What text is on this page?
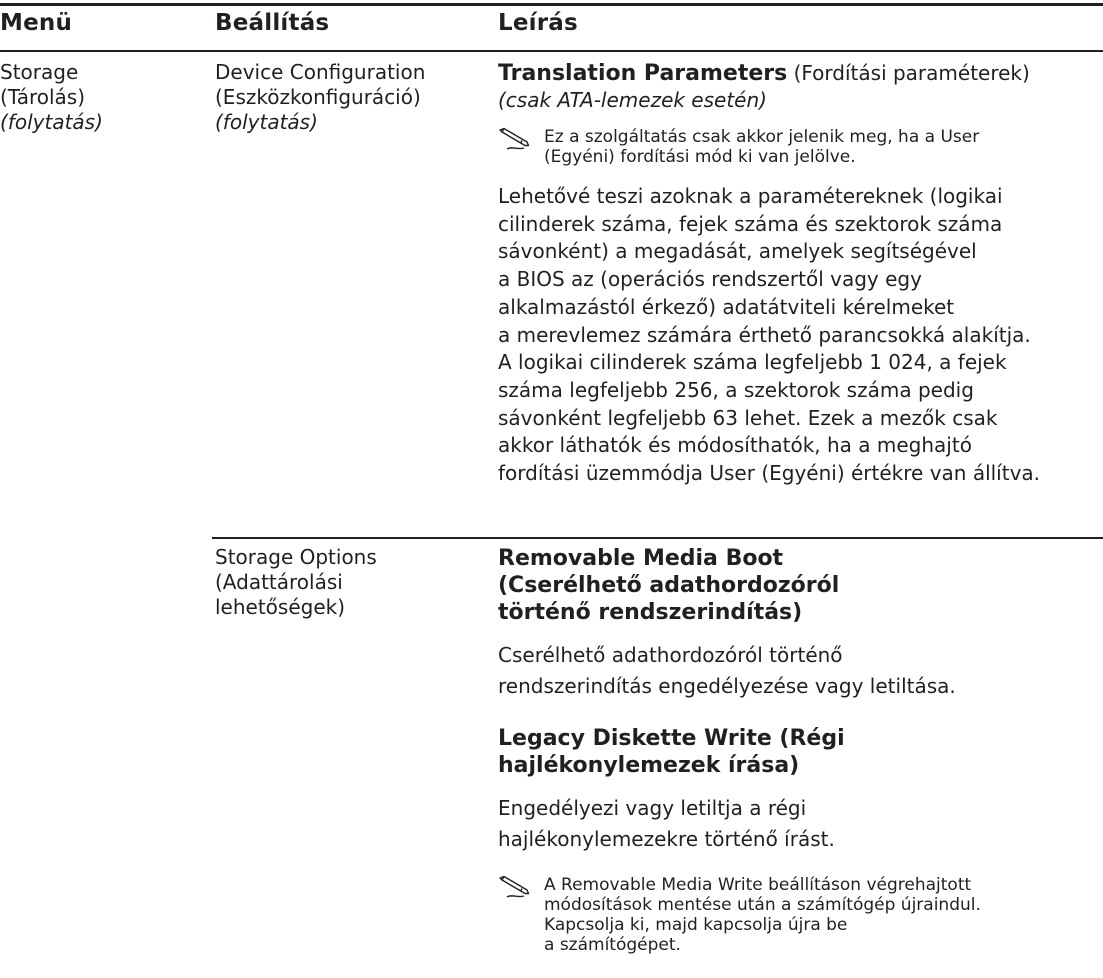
Menü	Beállítás	Leírás
Storage
(Tárolás)
(folytatás)
Device Configuration
(Eszközkonfiguráció)
(folytatás)
Translation Parameters (Fordítási paraméterek)
(csak ATA-lemezek esetén)
Ez a szolgáltatás csak akkor jelenik meg, ha a User
(Egyéni) fordítási mód ki van jelölve.
Lehetővé teszi azoknak a paramétereknek (logikai
cilinderek száma, fejek száma és szektorok száma
sávonként) a megadását, amelyek segítségével
a BIOS az (operációs rendszertől vagy egy
alkalmazástól érkező) adatátviteli kérelmeket
a merevlemez számára érthető parancsokká alakítja.
A logikai cilinderek száma legfeljebb 1 024, a fejek
száma legfeljebb 256, a szektorok száma pedig
sávonként legfeljebb 63 lehet. Ezek a mezők csak
akkor láthatók és módosíthatók, ha a meghajtó
fordítási üzemmódja User (Egyéni) értékre van állítva.
Storage Options
(Adattárolási
lehetőségek)
Removable Media Boot
(Cserélhető adathordozóról
történő rendszerindítás)
Cserélhető adathordozóról történő
rendszerindítás engedélyezése vagy letiltása.
Legacy Diskette Write (Régi
hajlékonylemezek írása)
Engedélyezi vagy letiltja a régi
hajlékonylemezekre történő írást.
A Removable Media Write beállításon végrehajtott
módosítások mentése után a számítógép újraindul.
Kapcsolja ki, majd kapcsolja újra be
a számítógépet.
